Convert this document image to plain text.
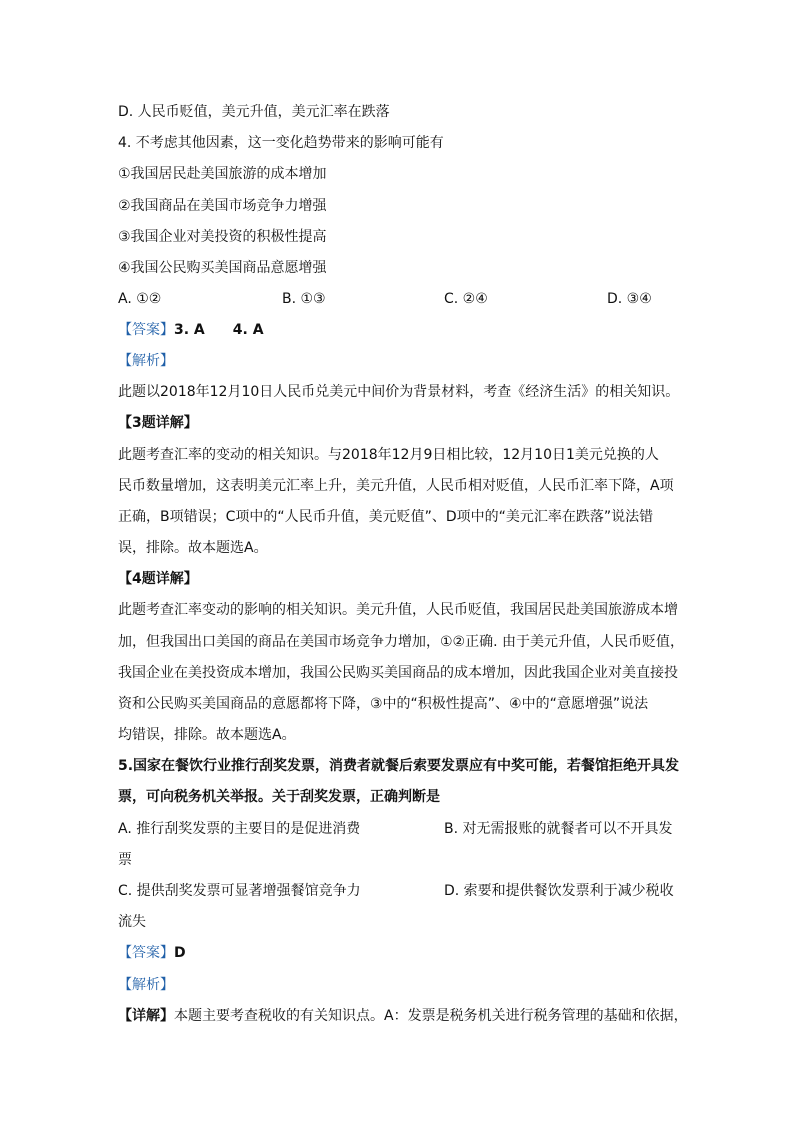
D. 人民币贬值，美元升值，美元汇率在跌落
4. 不考虑其他因素，这一变化趋势带来的影响可能有
①我国居民赴美国旅游的成本增加
②我国商品在美国市场竞争力增强
③我国企业对美投资的积极性提高
④我国公民购买美国商品意愿增强
A. ①②	B. ①③	C. ②④	D. ③④
【答案】3. A　　4. A
【解析】
此题以2018年12月10日人民币兑美元中间价为背景材料，考查《经济生活》的相关知识。
【3题详解】
此题考查汇率的变动的相关知识。与2018年12月9日相比较，12月10日1美元兑换的人
民币数量增加，这表明美元汇率上升，美元升值，人民币相对贬值，人民币汇率下降，A项
正确，B项错误；C项中的“人民币升值，美元贬值”、D项中的“美元汇率在跌落”说法错
误，排除。故本题选A。
【4题详解】
此题考查汇率变动的影响的相关知识。美元升值，人民币贬值，我国居民赴美国旅游成本增
加，但我国出口美国的商品在美国市场竞争力增加，①②正确. 由于美元升值，人民币贬值，
我国企业在美投资成本增加，我国公民购买美国商品的成本增加，因此我国企业对美直接投
资和公民购买美国商品的意愿都将下降，③中的“积极性提高”、④中的“意愿增强”说法
均错误，排除。故本题选A。
5.国家在餐饮行业推行刮奖发票，消费者就餐后索要发票应有中奖可能，若餐馆拒绝开具发
票，可向税务机关举报。关于刮奖发票，正确判断是
A. 推行刮奖发票的主要目的是促进消费	B. 对无需报账的就餐者可以不开具发
票
C. 提供刮奖发票可显著增强餐馆竞争力	D. 索要和提供餐饮发票利于减少税收
流失
【答案】D
【解析】
【详解】本题主要考查税收的有关知识点。A：发票是税务机关进行税务管理的基础和依据，
